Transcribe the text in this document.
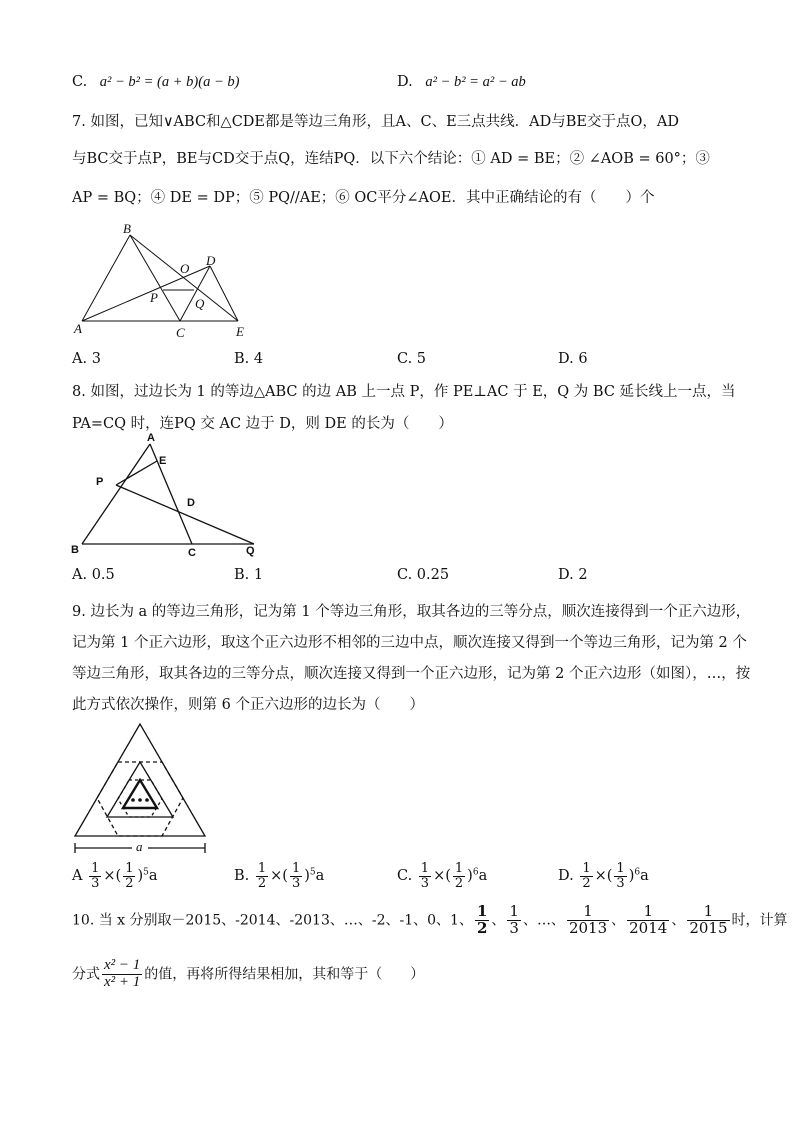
C. a² − b² = (a + b)(a − b)	D. a² − b² = a² − ab
7. 如图，已知∨ABC和△CDE都是等边三角形，且A、C、E三点共线．AD与BE交于点O，AD
与BC交于点P，BE与CD交于点Q，连结PQ．以下六个结论：① AD = BE；② ∠AOB = 60°；③
AP = BQ；④ DE = DP；⑤ PQ//AE；⑥ OC平分∠AOE．其中正确结论的有（　　）个
B
O
D
P	Q
A	C	E
A. 3	B. 4	C. 5	D. 6
8. 如图，过边长为 1 的等边△ABC 的边 AB 上一点 P，作 PE⊥AC 于 E，Q 为 BC 延长线上一点，当
PA=CQ 时，连PQ 交 AC 边于 D，则 DE 的长为（　　）
A
E
P
D
B	C	Q
A. 0.5	B. 1	C. 0.25	D. 2
9. 边长为 a 的等边三角形，记为第 1 个等边三角形，取其各边的三等分点，顺次连接得到一个正六边形，
记为第 1 个正六边形，取这个正六边形不相邻的三边中点，顺次连接又得到一个等边三角形，记为第 2 个
等边三角形，取其各边的三等分点，顺次连接又得到一个正六边形，记为第 2 个正六边形（如图），…，按
此方式依次操作，则第 6 个正六边形的边长为（　　）
a
A $\frac{1}{3}$ ×( $\frac{1}{2} )^5a$	B. $\frac{1}{2}$ ×( $\frac{1}{3} )^5a$	C. $\frac{1}{3}$ ×( $\frac{1}{2} )^6a$	D. $\frac{1}{2}$ ×( $\frac{1}{3} )^6a$
10. 当 x 分别取－2015、-2014、-2013、…、-2、-1、0、1、 $\frac{1}{2}$ 、 $\frac{1}{3}$ 、…、 $\frac{1}{2013}$ 、 $\frac{1}{2014}$ 、 $\frac{1}{2015}$ 时，计算
分式 $\frac{\text{x² − 1}}{\text{x² + 1}}$ 的值，再将所得结果相加，其和等于（　　）
